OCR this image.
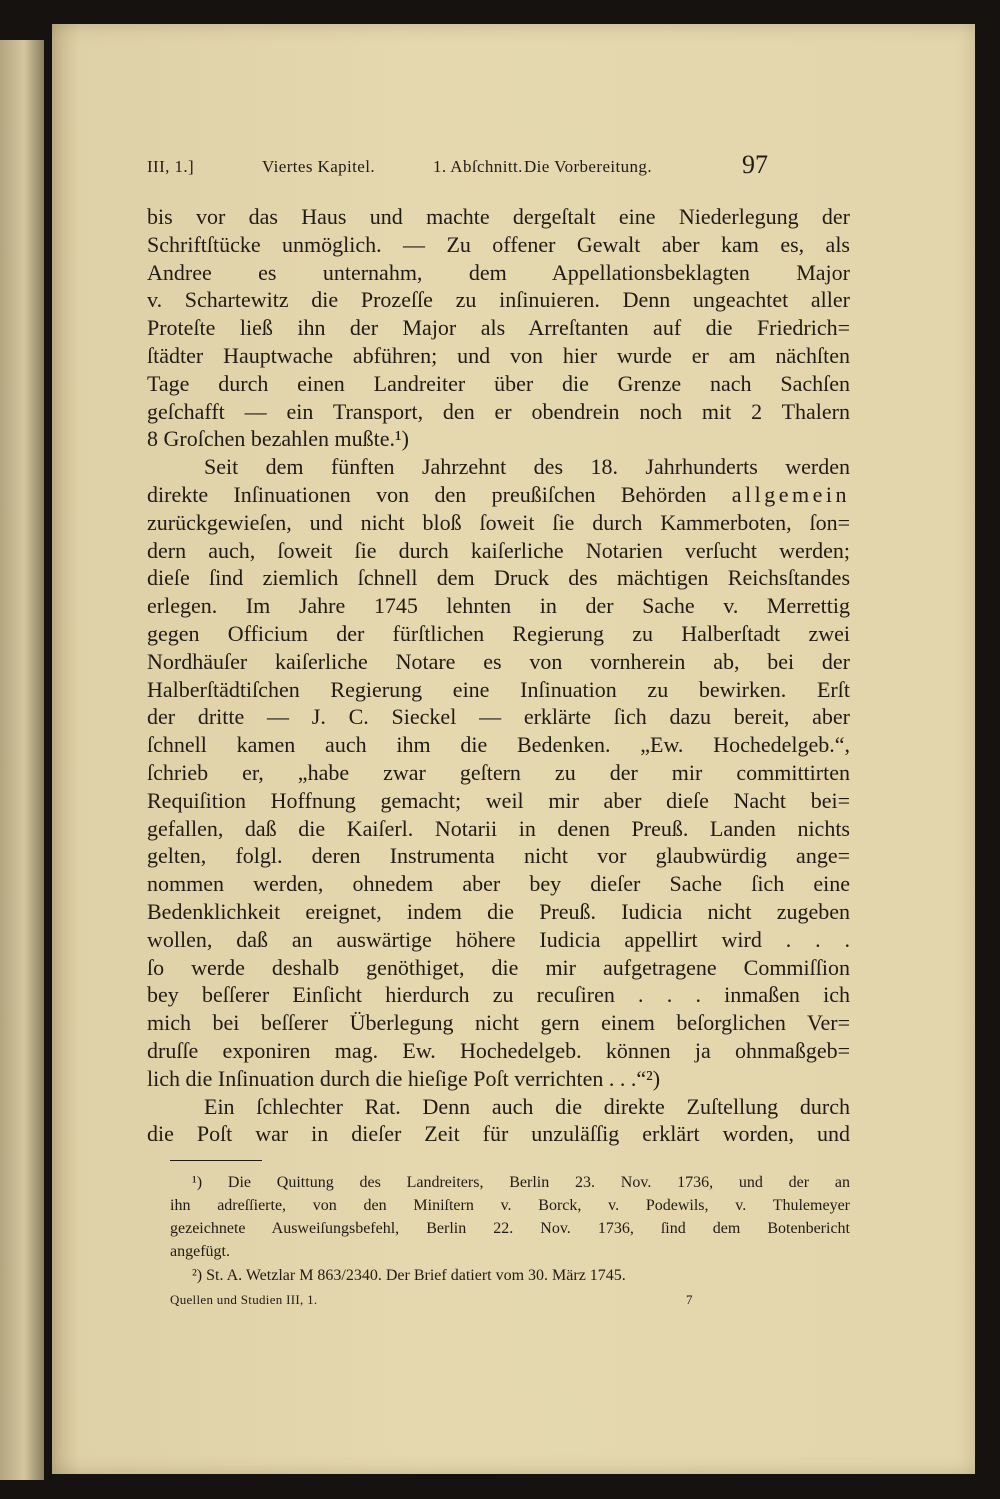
III, 1.]	Viertes Kapitel.	1. Abſchnitt. Die Vorbereitung.	97
bis vor das Haus und machte dergeſtalt eine Niederlegung der
Schriftſtücke unmöglich. — Zu offener Gewalt aber kam es, als
Andree es unternahm, dem Appellationsbeklagten Major
v. Schartewitz die Prozeſſe zu inſinuieren. Denn ungeachtet aller
Proteſte ließ ihn der Major als Arreſtanten auf die Friedrich=
ſtädter Hauptwache abführen; und von hier wurde er am nächſten
Tage durch einen Landreiter über die Grenze nach Sachſen
geſchafft — ein Transport, den er obendrein noch mit 2 Thalern
8 Groſchen bezahlen mußte.¹)
Seit dem fünften Jahrzehnt des 18. Jahrhunderts werden
direkte Inſinuationen von den preußiſchen Behörden allgemein
zurückgewieſen, und nicht bloß ſoweit ſie durch Kammerboten, ſon=
dern auch, ſoweit ſie durch kaiſerliche Notarien verſucht werden;
dieſe ſind ziemlich ſchnell dem Druck des mächtigen Reichsſtandes
erlegen. Im Jahre 1745 lehnten in der Sache v. Merrettig
gegen Officium der fürſtlichen Regierung zu Halberſtadt zwei
Nordhäuſer kaiſerliche Notare es von vornherein ab, bei der
Halberſtädtiſchen Regierung eine Inſinuation zu bewirken. Erſt
der dritte — J. C. Sieckel — erklärte ſich dazu bereit, aber
ſchnell kamen auch ihm die Bedenken. „Ew. Hochedelgeb.“,
ſchrieb er, „habe zwar geſtern zu der mir committirten
Requiſition Hoffnung gemacht; weil mir aber dieſe Nacht bei=
gefallen, daß die Kaiſerl. Notarii in denen Preuß. Landen nichts
gelten, folgl. deren Instrumenta nicht vor glaubwürdig ange=
nommen werden, ohnedem aber bey dieſer Sache ſich eine
Bedenklichkeit ereignet, indem die Preuß. Iudicia nicht zugeben
wollen, daß an auswärtige höhere Iudicia appellirt wird . . .
ſo werde deshalb genöthiget, die mir aufgetragene Commiſſion
bey beſſerer Einſicht hierdurch zu recuſiren . . . inmaßen ich
mich bei beſſerer Überlegung nicht gern einem beſorglichen Ver=
druſſe exponiren mag. Ew. Hochedelgeb. können ja ohnmaßgeb=
lich die Inſinuation durch die hieſige Poſt verrichten . . .“²)
Ein ſchlechter Rat. Denn auch die direkte Zuſtellung durch
die Poſt war in dieſer Zeit für unzuläſſig erklärt worden, und
¹) Die Quittung des Landreiters, Berlin 23. Nov. 1736, und der an
ihn adreſſierte, von den Miniſtern v. Borck, v. Podewils, v. Thulemeyer
gezeichnete Ausweiſungsbefehl, Berlin 22. Nov. 1736, ſind dem Botenbericht
angefügt.
²) St. A. Wetzlar M 863/2340. Der Brief datiert vom 30. März 1745.
Quellen und Studien III, 1.	7
